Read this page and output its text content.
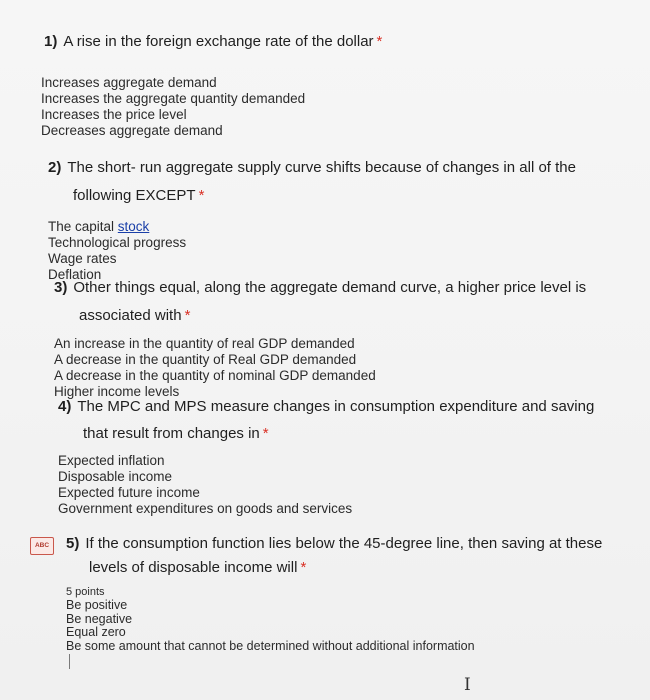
1) A rise in the foreign exchange rate of the dollar *
Increases aggregate demand
Increases the aggregate quantity demanded
Increases the price level
Decreases aggregate demand
2) The short- run aggregate supply curve shifts because of changes in all of the
following EXCEPT *
The capital stock
Technological progress
Wage rates
Deflation
3) Other things equal, along the aggregate demand curve, a higher price level is
associated with *
An increase in the quantity of real GDP demanded
A decrease in the quantity of Real GDP demanded
A decrease in the quantity of nominal GDP demanded
Higher income levels
4) The MPC and MPS measure changes in consumption expenditure and saving
that result from changes in *
Expected inflation
Disposable income
Expected future income
Government expenditures on goods and services
ABC	5) If the consumption function lies below the 45-degree line, then saving at these
levels of disposable income will *
5 points
Be positive
Be negative
Equal zero
Be some amount that cannot be determined without additional information
I
